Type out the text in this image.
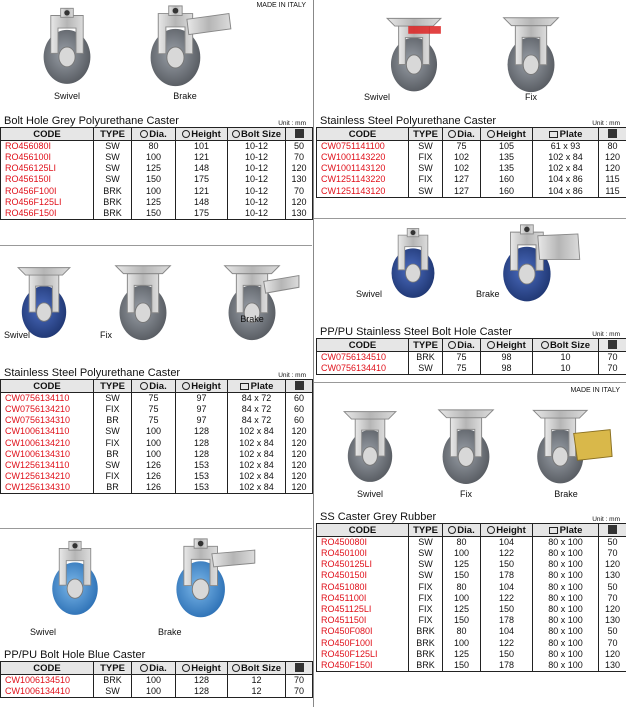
MADE IN ITALY
Swivel	Brake
Bolt Hole Grey Polyurethane Caster	Unit : mm
CODE	TYPE	Dia.	Height	Bolt Size	
RO456080I	SW	80	101	10-12	50
RO456100I	SW	100	121	10-12	70
RO456125LI	SW	125	148	10-12	120
RO456150I	SW	150	175	10-12	130
RO456F100I	BRK	100	121	10-12	70
RO456F125LI	BRK	125	148	10-12	120
RO456F150I	BRK	150	175	10-12	130
Swivel	Fix
Brake
Stainless Steel Polyurethane Caster	Unit : mm
CODE	TYPE	Dia.	Height	Plate	
CW0756134110	SW	75	97	84 x 72	60
CW0756134210	FIX	75	97	84 x 72	60
CW0756134310	BR	75	97	84 x 72	60
CW1006134110	SW	100	128	102 x 84	120
CW1006134210	FIX	100	128	102 x 84	120
CW1006134310	BR	100	128	102 x 84	120
CW1256134110	SW	126	153	102 x 84	120
CW1256134210	FIX	126	153	102 x 84	120
CW1256134310	BR	126	153	102 x 84	120
Swivel	Brake
PP/PU Bolt Hole Blue Caster
CODE	TYPE	Dia.	Height	Bolt Size	
CW1006134510	BRK	100	128	12	70
CW1006134410	SW	100	128	12	70
Swivel	Fix
Stainless Steel Polyurethane Caster	Unit : mm
CODE	TYPE	Dia.	Height	Plate	
CW0751141100	SW	75	105	61 x 93	80
CW1001143220	FIX	102	135	102 x 84	120
CW1001143120	SW	102	135	102 x 84	120
CW1251143220	FIX	127	160	104 x 86	115
CW1251143120	SW	127	160	104 x 86	115
Swivel	Brake
PP/PU Stainless Steel Bolt Hole Caster	Unit : mm
CODE	TYPE	Dia.	Height	Bolt Size	
CW0756134510	BRK	75	98	10	70
CW0756134410	SW	75	98	10	70
MADE IN ITALY
Swivel	Fix	Brake
SS Caster Grey Rubber	Unit : mm
CODE	TYPE	Dia.	Height	Plate	
RO450080I	SW	80	104	80 x 100	50
RO450100I	SW	100	122	80 x 100	70
RO450125LI	SW	125	150	80 x 100	120
RO450150I	SW	150	178	80 x 100	130
RO451080I	FIX	80	104	80 x 100	50
RO451100I	FIX	100	122	80 x 100	70
RO451125LI	FIX	125	150	80 x 100	120
RO451150I	FIX	150	178	80 x 100	130
RO450F080I	BRK	80	104	80 x 100	50
RO450F100I	BRK	100	122	80 x 100	70
RO450F125LI	BRK	125	150	80 x 100	120
RO450F150I	BRK	150	178	80 x 100	130
